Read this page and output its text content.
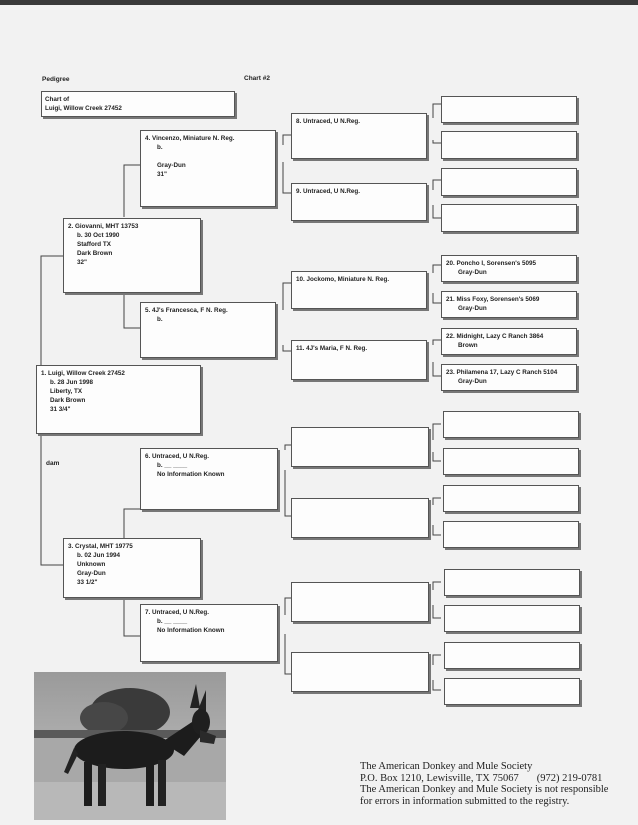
Pedigree	Chart #2
Chart of
Luigi, Willow Creek 27452
1. Luigi, Willow Creek 27452
b. 28 Jun 1998
Liberty, TX
Dark Brown
31 3/4"
dam
2. Giovanni, MHT 13753
b. 30 Oct 1990
Stafford TX
Dark Brown
32"
3. Crystal, MHT 19775
b. 02 Jun 1994
Unknown
Gray-Dun
33 1/2"
4. Vincenzo, Miniature N. Reg.
b.
Gray-Dun
31"
5. 4J's Francesca, F N. Reg.
b.
6. Untraced, U N.Reg.
b. __ ____
No Information Known
7. Untraced, U N.Reg.
b. __ ____
No Information Known
8. Untraced, U N.Reg.
9. Untraced, U N.Reg.
10. Jockomo, Miniature N. Reg.
11. 4J's Maria, F N. Reg.
20. Poncho I, Sorensen's 5095
Gray-Dun
21. Miss Foxy, Sorensen's 5069
Gray-Dun
22. Midnight, Lazy C Ranch 3864
Brown
23. Philamena 17, Lazy C Ranch 5104
Gray-Dun
The American Donkey and Mule Society
P.O. Box 1210, Lewisville, TX 75067 (972) 219-0781
The American Donkey and Mule Society is not responsible
for errors in information submitted to the registry.
